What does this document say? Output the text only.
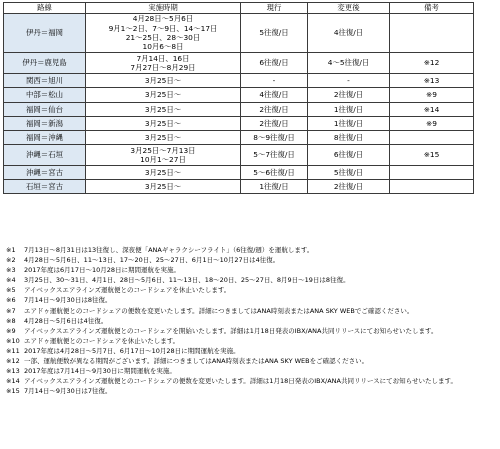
路線	実施時期	現行	変更後	備考
伊丹＝福岡	4月28日〜5月6日
9月1〜2日、7〜9日、14〜17日
21〜25日、28〜30日
10月6〜8日	5往復/日	4往復/日	
伊丹＝鹿児島	7月14日、16日
7月27日〜8月29日	6往復/日	4〜5往復/日	※12
関西＝旭川	3月25日〜	-	-	※13
中部＝松山	3月25日〜	4往復/日	2往復/日	※9
福岡＝仙台	3月25日〜	2往復/日	1往復/日	※14
福岡＝新潟	3月25日〜	2往復/日	1往復/日	※9
福岡＝沖縄	3月25日〜	8〜9往復/日	8往復/日	
沖縄＝石垣	3月25日〜7月13日
10月1〜27日	5〜7往復/日	6往復/日	※15
沖縄＝宮古	3月25日〜	5〜6往復/日	5往復/日	
石垣＝宮古	3月25日〜	1往復/日	2往復/日	
※1 7月13日〜8月31日は13往復し、深夜便「ANAギャラクシーフライト」（6往復/週）を運航します。
※2 4月28日〜5月6日、11〜13日、17〜20日、25〜27日、6月1日〜10月27日は4往復。
※3 2017年度は6月17日〜10月28日に期間運航を実施。
※4 3月25日、30〜31日、4月1日、28日〜5月6日、11〜13日、18〜20日、25〜27日、8月9日〜19日は8往復。
※5 アイベックスエアラインズ運航便とのコードシェアを休止いたします。
※6 7月14日〜9月30日は8往復。
※7 エアドゥ運航便とのコードシェアの便数を変更いたします。詳細につきましてはANA時刻表またはANA SKY WEBでご確認ください。
※8 4月28日〜5月6日は4往復。
※9 アイベックスエアラインズ運航便とのコードシェアを開始いたします。詳細は1月18日発表のIBX/ANA共同リリースにてお知らせいたします。
※10 エアドゥ運航便とのコードシェアを休止いたします。
※11 2017年度は4月28日〜5月7日、6月17日〜10月28日に期間運航を実施。
※12 一部、運航便数が異なる期間がございます。詳細につきましてはANA時刻表またはANA SKY WEBをご確認ください。
※13 2017年度は7月14日〜9月30日に期間運航を実施。
※14 アイベックスエアラインズ運航便とのコードシェアの便数を変更いたします。詳細は1月18日発表のIBX/ANA共同リリースにてお知らせいたします。
※15 7月14日〜9月30日は7往復。
